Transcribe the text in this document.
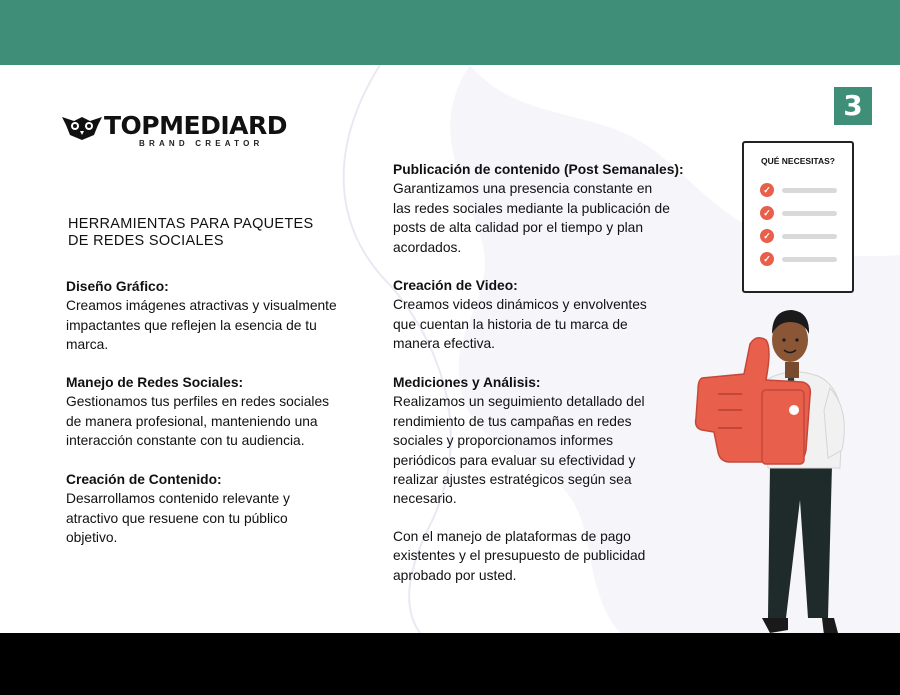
TOPMEDIARD
BRAND CREATOR
3
HERRAMIENTAS PARA PAQUETES
DE REDES SOCIALES
Diseño Gráfico:
Creamos imágenes atractivas y visualmente
impactantes que reflejen la esencia de tu
marca.
Manejo de Redes Sociales:
Gestionamos tus perfiles en redes sociales
de manera profesional, manteniendo una
interacción constante con tu audiencia.
Creación de Contenido:
Desarrollamos contenido relevante y
atractivo que resuene con tu público
objetivo.
Publicación de contenido (Post Semanales):
Garantizamos una presencia constante en
las redes sociales mediante la publicación de
posts de alta calidad por el tiempo y plan
acordados.
Creación de Video:
Creamos videos dinámicos y envolventes
que cuentan la historia de tu marca de
manera efectiva.
Mediciones y Análisis:
Realizamos un seguimiento detallado del
rendimiento de tus campañas en redes
sociales y proporcionamos informes
periódicos para evaluar su efectividad y
realizar ajustes estratégicos según sea
necesario.
Con el manejo de plataformas de pago
existentes y el presupuesto de publicidad
aprobado por usted.
QUÉ NECESITAS?
✓
✓
✓
✓
